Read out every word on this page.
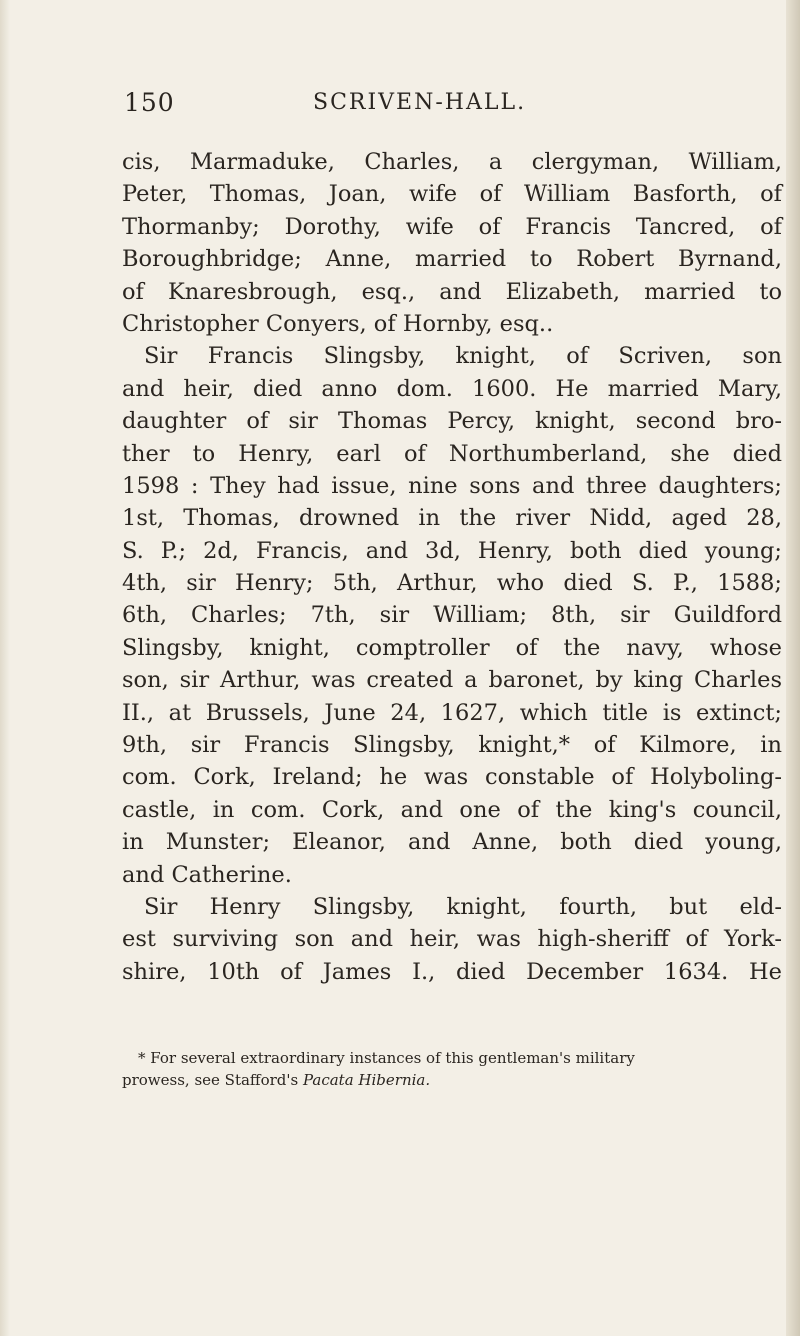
150	SCRIVEN-HALL.
cis, Marmaduke, Charles, a clergyman, William,
Peter, Thomas, Joan, wife of William Basforth, of
Thormanby; Dorothy, wife of Francis Tancred, of
Boroughbridge; Anne, married to Robert Byrnand,
of Knaresbrough, esq., and Elizabeth, married to
Christopher Conyers, of Hornby, esq..
Sir Francis Slingsby, knight, of Scriven, son
and heir, died anno dom. 1600. He married Mary,
daughter of sir Thomas Percy, knight, second bro-
ther to Henry, earl of Northumberland, she died
1598 : They had issue, nine sons and three daughters;
1st, Thomas, drowned in the river Nidd, aged 28,
S. P.; 2d, Francis, and 3d, Henry, both died young;
4th, sir Henry; 5th, Arthur, who died S. P., 1588;
6th, Charles; 7th, sir William; 8th, sir Guildford
Slingsby, knight, comptroller of the navy, whose
son, sir Arthur, was created a baronet, by king Charles
II., at Brussels, June 24, 1627, which title is extinct;
9th, sir Francis Slingsby, knight,* of Kilmore, in
com. Cork, Ireland; he was constable of Holyboling-
castle, in com. Cork, and one of the king's council,
in Munster; Eleanor, and Anne, both died young,
and Catherine.
Sir Henry Slingsby, knight, fourth, but eld-
est surviving son and heir, was high-sheriff of York-
shire, 10th of James I., died December 1634. He
* For several extraordinary instances of this gentleman's military
prowess, see Stafford's Pacata Hibernia.
